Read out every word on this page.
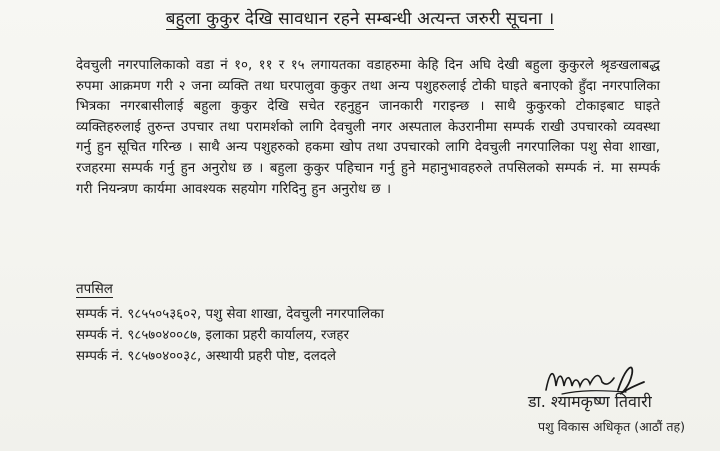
बहुला कुकुर देखि सावधान रहने सम्बन्धी अत्यन्त जरुरी सूचना ।
देवचुली नगरपालिकाको वडा नं १०, ११ र १५ लगायतका वडाहरुमा केहि दिन अघि देखी बहुला कुकुरले श्रृङखलाबद्ध रुपमा आक्रमण गरी २ जना व्यक्ति तथा घरपालुवा कुकुर तथा अन्य पशुहरुलाई टोकी घाइते बनाएको हुँदा नगरपालिका भित्रका नगरबासीलाई बहुला कुकुर देखि सचेत रहनुहुन जानकारी गराइन्छ । साथै कुकुरको टोकाइबाट घाइते व्यक्तिहरुलाई तुरुन्त उपचार तथा परामर्शको लागि देवचुली नगर अस्पताल केउरानीमा सम्पर्क राखी उपचारको व्यवस्था गर्नु हुन सूचित गरिन्छ । साथै अन्य पशुहरुको हकमा खोप तथा उपचारको लागि देवचुली नगरपालिका पशु सेवा शाखा, रजहरमा सम्पर्क गर्नु हुन अनुरोध छ । बहुला कुकुर पहिचान गर्नु हुने महानुभावहरुले तपसिलको सम्पर्क नं. मा सम्पर्क गरी नियन्त्रण कार्यमा आवश्यक सहयोग गरिदिनु हुन अनुरोध छ ।
तपसिल
सम्पर्क नं. ९८५५०५३६०२, पशु सेवा शाखा, देवचुली नगरपालिका
सम्पर्क नं. ९८५७०४००८७, इलाका प्रहरी कार्यालय, रजहर
सम्पर्क नं. ९८५७०४००३८, अस्थायी प्रहरी पोष्ट, दलदले
डा. श्यामकृष्ण तिवारी
पशु विकास अधिकृत (आठौं तह)
